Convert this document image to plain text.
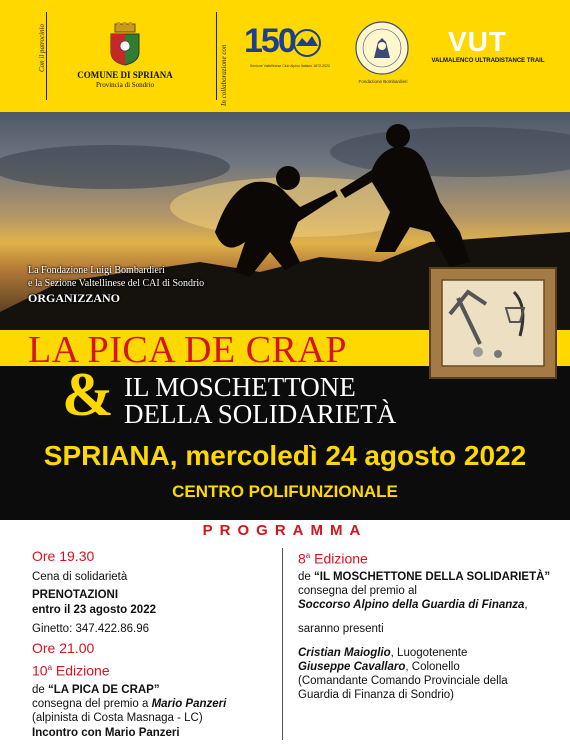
Con il patrocinio
COMUNE DI SPRIANA
Provincia di Sondrio	In collaborazione con
150
Sezione Valtellinese Club Alpino Italiano 1872-2022
Fondazione Bombardieri
VUT
VALMALENCO ULTRADISTANCE TRAIL
La Fondazione Luigi Bombardieri
e la Sezione Valtellinese del CAI di Sondrio
ORGANIZZANO
LA PICA DE CRAP
& IL MOSCHETTONE
DELLA SOLIDARIETÀ
SPRIANA, mercoledì 24 agosto 2022
CENTRO POLIFUNZIONALE
PROGRAMMA
Ore 19.30
Cena di solidarietà
PRENOTAZIONI
entro il 23 agosto 2022
Ginetto: 347.422.86.96
Ore 21.00
10$^a$ Edizione
de “LA PICA DE CRAP”
consegna del premio a Mario Panzeri
(alpinista di Costa Masnaga - LC)
Incontro con Mario Panzeri
8$^a$ Edizione
de “IL MOSCHETTONE DELLA SOLIDARIETÀ”
consegna del premio al
Soccorso Alpino della Guardia di Finanza,
saranno presenti
Cristian Maioglio, Luogotenente
Giuseppe Cavallaro, Colonello
(Comandante Comando Provinciale della
Guardia di Finanza di Sondrio)
